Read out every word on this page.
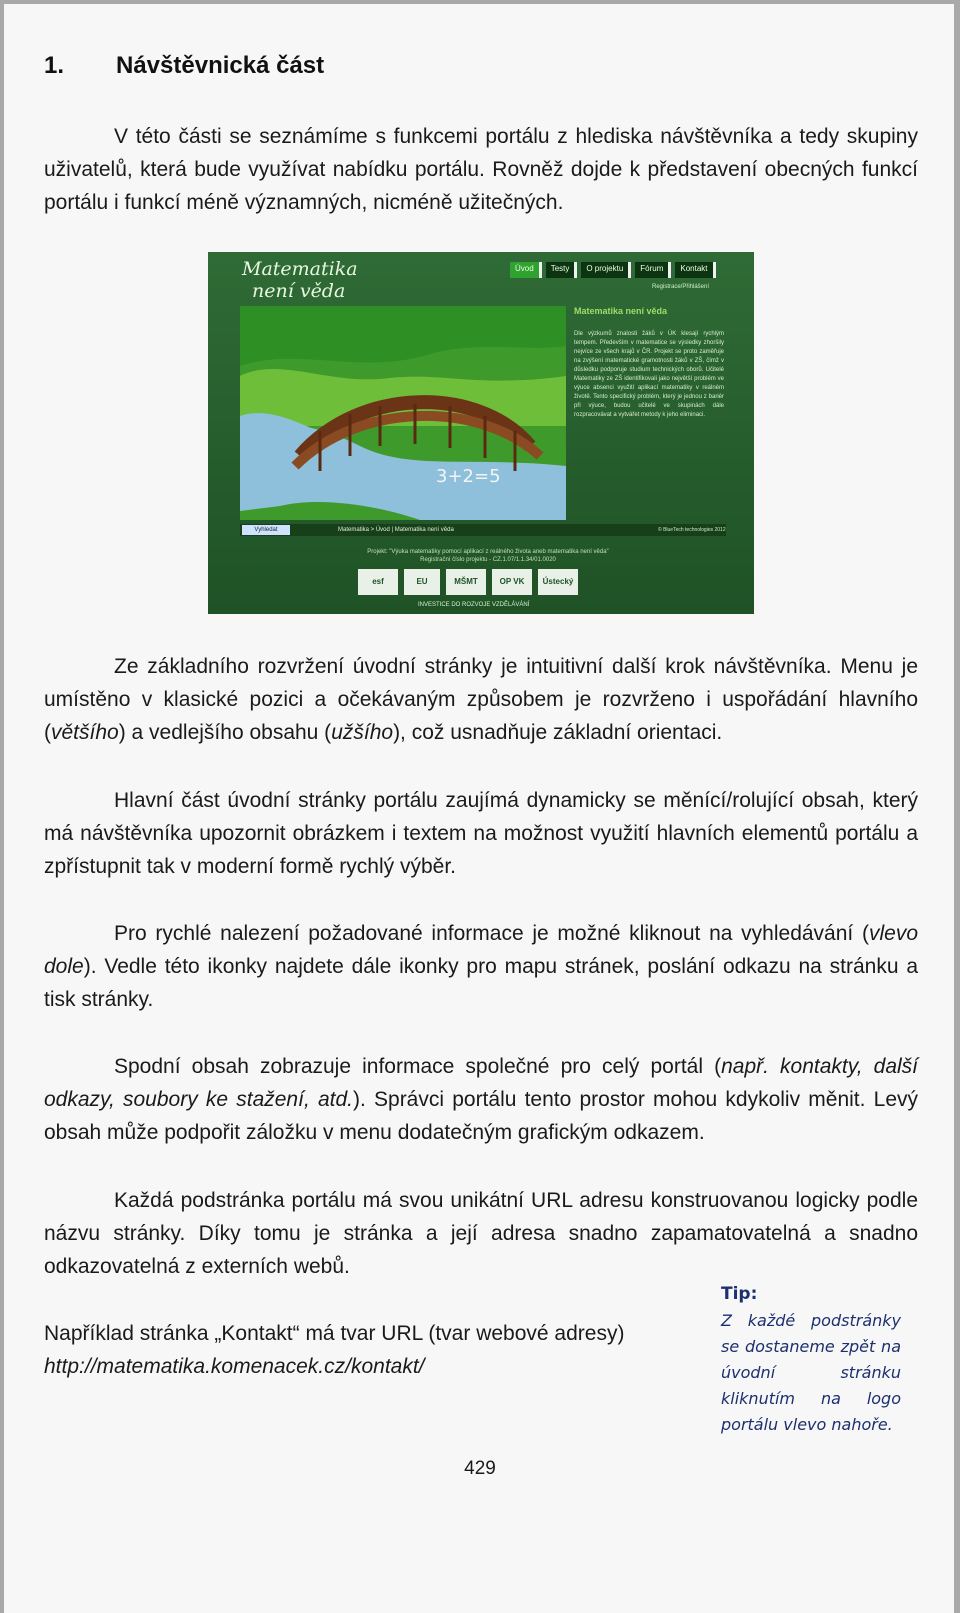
1. Návštěvnická část

V této části se seznámíme s funkcemi portálu z hlediska návštěvníka a tedy skupiny uživatelů, která bude využívat nabídku portálu. Rovněž dojde k představení obecných funkcí portálu i funkcí méně významných, nicméně užitečných.

Matematika
není věda
Úvod	Testy	O projektu	Fórum	Kontakt
Registrace/Přihlášení
3+2=5
Matematika není věda
Dle výzkumů znalosti žáků v ÚK klesají rychlým tempem. Především v matematice se výsledky zhoršily nejvíce ze všech krajů v ČR. Projekt se proto zaměřuje na zvýšení matematické gramotnosti žáků v ZŠ, čímž v důsledku podporuje studium technických oborů. Učitelé Matematiky ze ZŠ identifikovali jako největší problém ve výuce absenci využití aplikací matematiky v reálném životě. Tento specifický problém, který je jednou z bariér při výuce, budou učitelé ve skupinách dále rozpracovávat a vytvářet metody k jeho eliminaci.
Vyhledat	Matematika > Úvod | Matematika není věda	© BlueTech technologies 2012
Projekt: "Výuka matematiky pomocí aplikací z reálného života aneb matematika není věda"
Registrační číslo projektu - CZ.1.07/1.1.34/01.0020
esf	EU	MŠMT	OP VK	Ústecký kraj
INVESTICE DO ROZVOJE VZDĚLÁVÁNÍ

Ze základního rozvržení úvodní stránky je intuitivní další krok návštěvníka. Menu je umístěno v klasické pozici a očekávaným způsobem je rozvrženo i uspořádání hlavního (většího) a vedlejšího obsahu (užšího), což usnadňuje základní orientaci.

Hlavní část úvodní stránky portálu zaujímá dynamicky se měnící/rolující obsah, který má návštěvníka upozornit obrázkem i textem na možnost využití hlavních elementů portálu a zpřístupnit tak v moderní formě rychlý výběr.

Pro rychlé nalezení požadované informace je možné kliknout na vyhledávání (vlevo dole). Vedle této ikonky najdete dále ikonky pro mapu stránek, poslání odkazu na stránku a tisk stránky.

Spodní obsah zobrazuje informace společné pro celý portál (např. kontakty, další odkazy, soubory ke stažení, atd.). Správci portálu tento prostor mohou kdykoliv měnit. Levý obsah může podpořit záložku v menu dodatečným grafickým odkazem.

Každá podstránka portálu má svou unikátní URL adresu konstruovanou logicky podle názvu stránky. Díky tomu je stránka a její adresa snadno zapamatovatelná a snadno odkazovatelná z externích webů.

Například stránka „Kontakt“ má tvar URL (tvar webové adresy)
http://matematika.komenacek.cz/kontakt/

Tip:
Z každé podstránky se dostaneme zpět na úvodní stránku kliknutím na logo portálu vlevo nahoře.
429
